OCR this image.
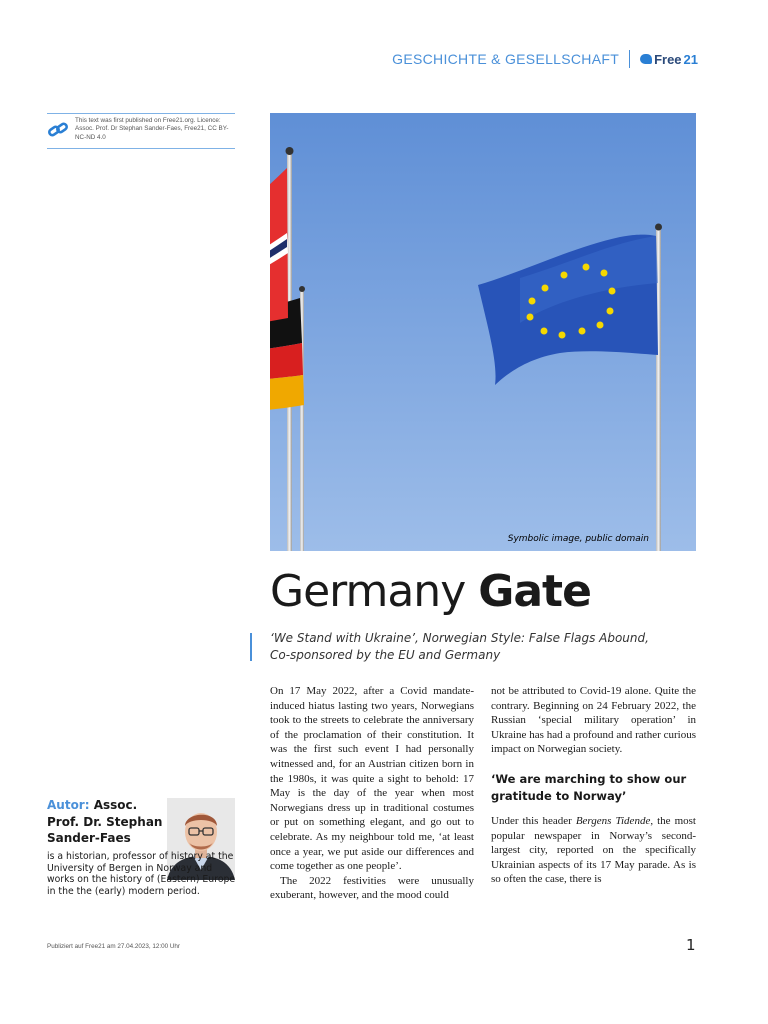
GESCHICHTE & GESELLSCHAFT	Free 21
This text was first published on Free21.org. Licence: Assoc. Prof. Dr Stephan Sander-Faes, Free21, CC BY-NC-ND 4.0
Symbolic image, public domain
Germany Gate
‘We Stand with Ukraine’, Norwegian Style: False Flags Abound,
Co-sponsored by the EU and Germany

On 17 May 2022, after a Covid mandate-induced hiatus lasting two years, Norwegians took to the streets to celebrate the anniversary of the proclamation of their constitution. It was the first such event I had personally witnessed and, for an Austrian citizen born in the 1980s, it was quite a sight to behold: 17 May is the day of the year when most Norwegians dress up in traditional costumes or put on something elegant, and go out to celebrate. As my neighbour told me, ‘at least once a year, we put aside our differences and come together as one people’.

The 2022 festivities were unusually exuberant, however, and the mood could

not be attributed to Covid-19 alone. Quite the contrary. Beginning on 24 February 2022, the Russian ‘special military operation’ in Ukraine has had a profound and rather curious impact on Norwegian society.

‘We are marching to show our gratitude to Norway’

Under this header Bergens Tidende, the most popular newspaper in Norway’s second-largest city, reported on the specifically Ukrainian aspects of its 17 May parade. As is so often the case, there is

Autor: Assoc. Prof. Dr. Stephan Sander-Faes
is a historian, professor of history at the University of Bergen in Norway and works on the history of (Eastern) Europe in the the (early) modern period.
Publiziert auf Free21 am 27.04.2023, 12:00 Uhr	1
